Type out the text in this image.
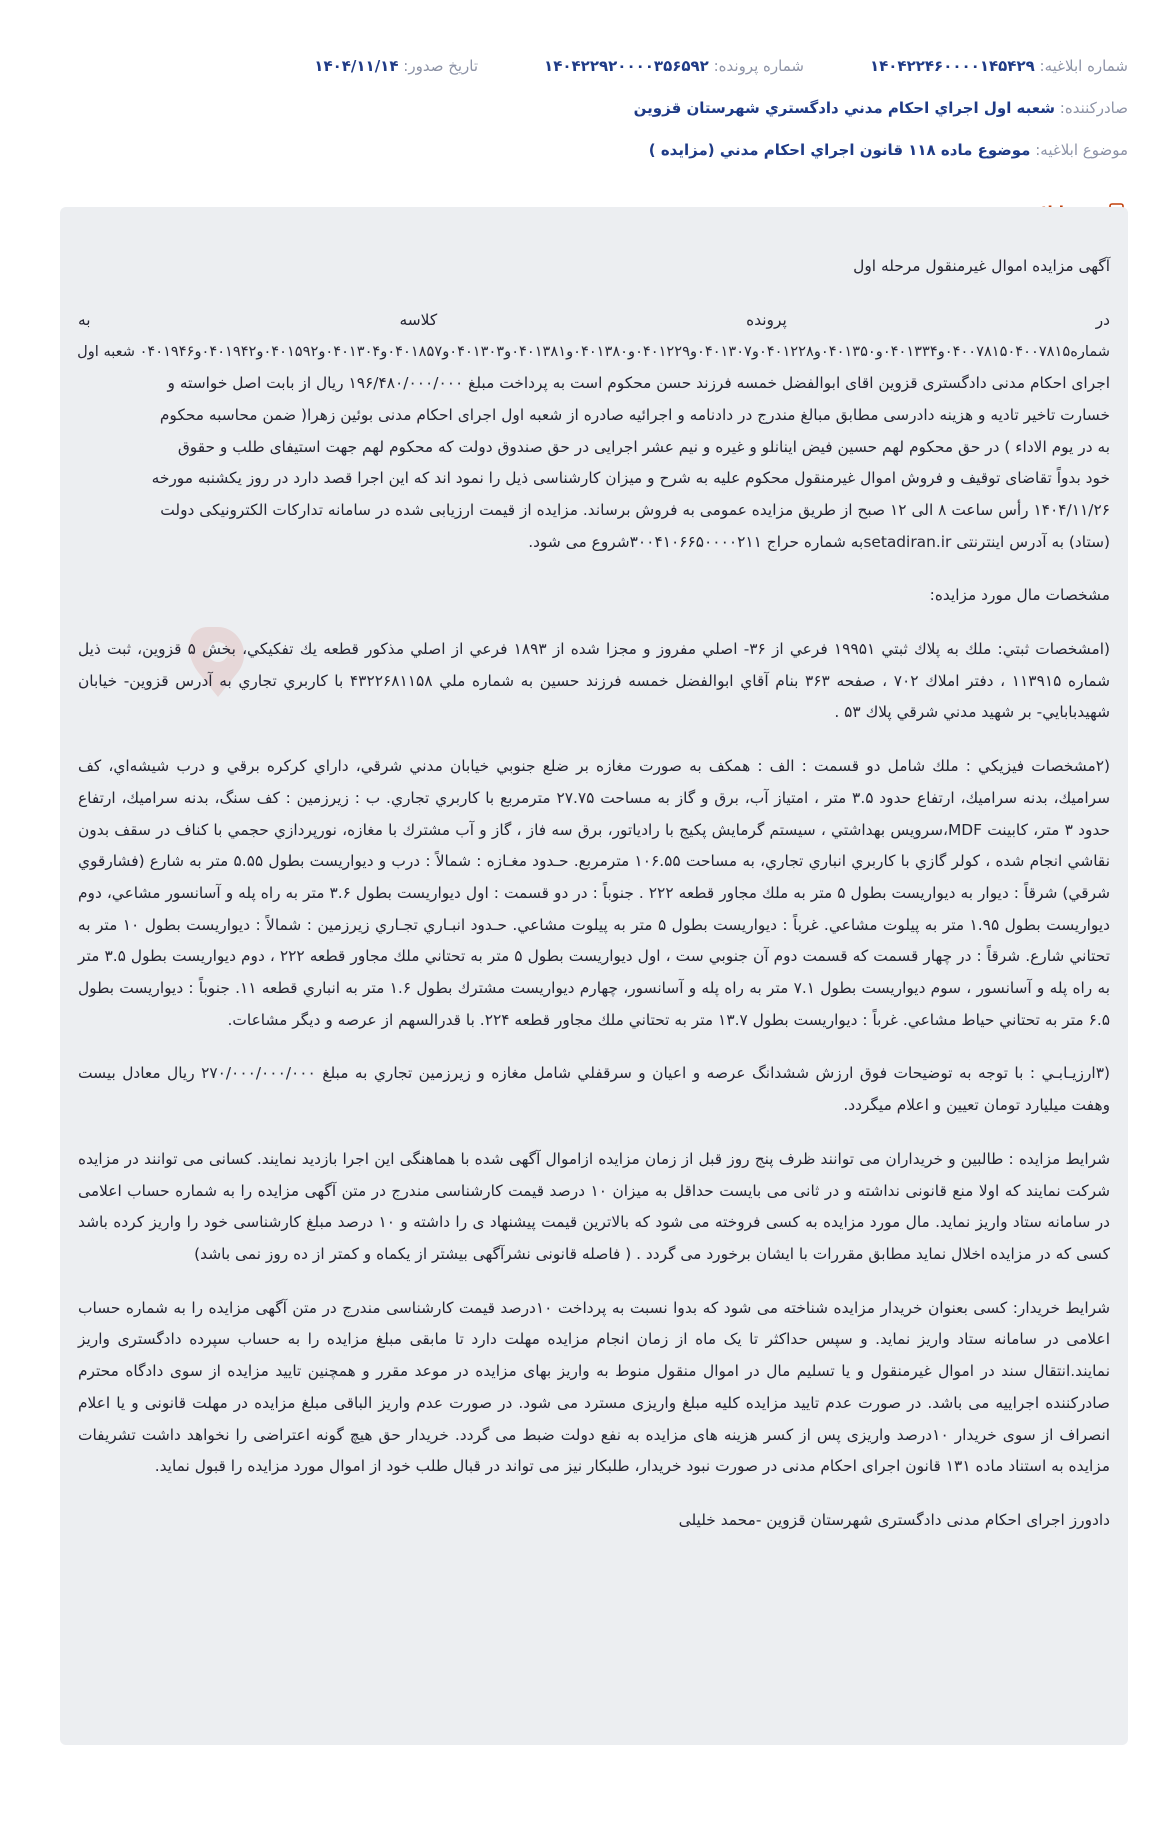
شماره ابلاغيه: ۱۴۰۴۲۲۴۶۰۰۰۰۱۴۵۴۲۹
شماره پرونده: ۱۴۰۴۲۲۹۲۰۰۰۰۳۵۶۵۹۲
تاريخ صدور: ۱۴۰۴/۱۱/۱۴
صادرکننده: شعبه اول اجراي احكام مدني دادگستري شهرستان قزوين
موضوع ابلاغیه: موضوع ماده ۱۱۸ قانون اجراي احكام مدني (مزايده )

آگهی مزایده اموال غیرمنقول مرحله اول

در
پرونده
کلاسه
به

شماره۰۴۰۰۷۸۱۵۰۴۰۰۷۸۱۵و۰۴۰۱۳۳۴و۰۴۰۱۳۵۰و۰۴۰۱۲۲۸و۰۴۰۱۳۰۷و۰۴۰۱۲۲۹و۰۴۰۱۳۸۰و۰۴۰۱۳۸۱و۰۴۰۱۳۰۳و۰۴۰۱۸۵۷و۰۴۰۱۳۰۴و۰۴۰۱۵۹۲و۰۴۰۱۹۴۲و۰۴۰۱۹۴۶ شعبه اول

اجرای احکام مدنی دادگستری قزوین اقای ابوالفضل خمسه فرزند حسن محکوم است به پرداخت مبلغ ۱۹۶/۴۸۰/۰۰۰/۰۰۰ ریال از بابت اصل خواسته و

خسارت تاخیر تادیه و هزینه دادرسی مطابق مبالغ مندرج در دادنامه و اجرائیه صادره از شعبه اول اجرای احکام مدنی بوئین زهرا( ضمن محاسبه محکوم

به در یوم الاداء ) در حق محکوم لهم حسین فیض اینانلو و غیره و نیم عشر اجرایی در حق صندوق دولت که محکوم لهم جهت استیفای طلب و حقوق

خود بدواً تقاضای توقیف و فروش اموال غیرمنقول محکوم علیه به شرح و میزان کارشناسی ذیل را نمود اند که این اجرا قصد دارد در روز یکشنبه مورخه

۱۴۰۴/۱۱/۲۶ رأس ساعت ۸ الی ۱۲ صبح از طریق مزایده عمومی به فروش برساند. مزایده از قیمت ارزیابی شده در سامانه تدارکات الکترونیکی دولت

(ستاد) به آدرس اینترنتی setadiran.irبه شماره حراج ۳۰۰۴۱۰۶۶۵۰۰۰۰۲۱۱شروع می شود.

مشخصات مال مورد مزایده:

(امشخصات ثبتي: ملك به پلاك ثبتي ۱۹۹۵۱ فرعي از ۳۶- اصلي مفروز و مجزا شده از ۱۸۹۳ فرعي از اصلي مذكور قطعه يك تفكيكي، بخش ۵ قزوين، ثبت ذيل شماره ۱۱۳۹۱۵ ، دفتر املاك ۷۰۲ ، صفحه ۳۶۳ بنام آقاي ابوالفضل خمسه فرزند حسين به شماره ملي ۴۳۲۲۶۸۱۱۵۸ با كاربري تجاري به آدرس قزوين- خيابان شهيدبابايي- بر شهيد مدني شرقي پلاك ۵۳ .

(۲مشخصات فيزيكي : ملك شامل دو قسمت : الف : همكف به صورت مغازه بر ضلع جنوبي خيابان مدني شرقي، داراي كركره برقي و درب شيشه‌اي، كف سراميك، بدنه سراميك، ارتفاع حدود ۳.۵ متر ، امتياز آب، برق و گاز به مساحت ۲۷.۷۵ مترمربع با كاربري تجاري. ب : زيرزمين : كف سنگ، بدنه سراميك، ارتفاع حدود ۳ متر، كابينت MDF،سرويس بهداشتي ، سيستم گرمايش پكيج با رادياتور، برق سه فاز ، گاز و آب مشترك با مغازه، نورپردازي حجمي با كناف در سقف بدون نقاشي انجام شده ، كولر گازي با كاربري انباري تجاري، به مساحت ۱۰۶.۵۵ مترمربع. حـدود مغـازه : شمالاً : درب و ديواريست بطول ۵.۵۵ متر به شارع (فشارقوي شرقي) شرقاً : ديوار به ديواريست بطول ۵ متر به ملك مجاور قطعه ۲۲۲ . جنوباً : در دو قسمت : اول ديواريست بطول ۳.۶ متر به راه پله و آسانسور مشاعي، دوم ديواريست بطول ۱.۹۵ متر به پيلوت مشاعي. غرباً : ديواريست بطول ۵ متر به پيلوت مشاعي. حـدود انبـاري تجـاري زيرزمين : شمالاً : ديواريست بطول ۱۰ متر به تحتاني شارع. شرقاً : در چهار قسمت كه قسمت دوم آن جنوبي ست ، اول ديواريست بطول ۵ متر به تحتاني ملك مجاور قطعه ۲۲۲ ، دوم ديواريست بطول ۳.۵ متر به راه پله و آسانسور ، سوم ديواريست بطول ۷.۱ متر به راه پله و آسانسور، چهارم ديواريست مشترك بطول ۱.۶ متر به انباري قطعه ۱۱. جنوباً : ديواريست بطول ۶.۵ متر به تحتاني حياط مشاعي. غرباً : ديواريست بطول ۱۳.۷ متر به تحتاني ملك مجاور قطعه ۲۲۴. با قدرالسهم از عرصه و ديگر مشاعات.

(۳ارزيـابـي : با توجه به توضيحات فوق ارزش ششدانگ عرصه و اعيان و سرقفلي شامل مغازه و زيرزمين تجاري به مبلغ ۲۷۰/۰۰۰/۰۰۰/۰۰۰ ريال معادل بيست وهفت ميليارد تومان تعيين و اعلام ميگردد.

شرایط مزایده : طالبین و خریداران می توانند ظرف پنج روز قبل از زمان مزایده ازاموال آگهی شده با هماهنگی این اجرا بازدید نمایند. کسانی می توانند در مزایده شرکت نمایند که اولا منع قانونی نداشته و در ثانی می بایست حداقل به میزان ۱۰ درصد قیمت کارشناسی مندرج در متن آگهی مزایده را به شماره حساب اعلامی در سامانه ستاد واریز نماید. مال مورد مزایده به کسی فروخته می شود که بالاترین قیمت پیشنهاد ی را داشته و ۱۰ درصد مبلغ کارشناسی خود را واریز کرده باشد کسی که در مزایده اخلال نماید مطابق مقررات با ایشان برخورد می گردد . ( فاصله قانونی نشرآگهی بیشتر از یکماه و کمتر از ده روز نمی باشد)

شرایط خریدار: کسی بعنوان خریدار مزایده شناخته می شود که بدوا نسبت به پرداخت ۱۰درصد قیمت کارشناسی مندرج در متن آگهی مزایده را به شماره حساب اعلامی در سامانه ستاد واریز نماید. و سپس حداکثر تا یک ماه از زمان انجام مزایده مهلت دارد تا مابقی مبلغ مزایده را به حساب سپرده دادگستری واریز نمایند.انتقال سند در اموال غیرمنقول و یا تسلیم مال در اموال منقول منوط به واریز بهای مزایده در موعد مقرر و همچنین تایید مزایده از سوی دادگاه محترم صادرکننده اجراییه می باشد. در صورت عدم تایید مزایده کلیه مبلغ واریزی مسترد می شود. در صورت عدم واریز الباقی مبلغ مزایده در مهلت قانونی و یا اعلام انصراف از سوی خریدار ۱۰درصد واریزی پس از کسر هزینه های مزایده به نفع دولت ضبط می گردد. خریدار حق هیچ گونه اعتراضی را نخواهد داشت تشریفات مزایده به استناد ماده ۱۳۱ قانون اجرای احکام مدنی در صورت نبود خریدار، طلبکار نیز می تواند در قبال طلب خود از اموال مورد مزایده را قبول نماید.

دادورز اجرای احکام مدنی دادگستری شهرستان قزوین -محمد خلیلی
